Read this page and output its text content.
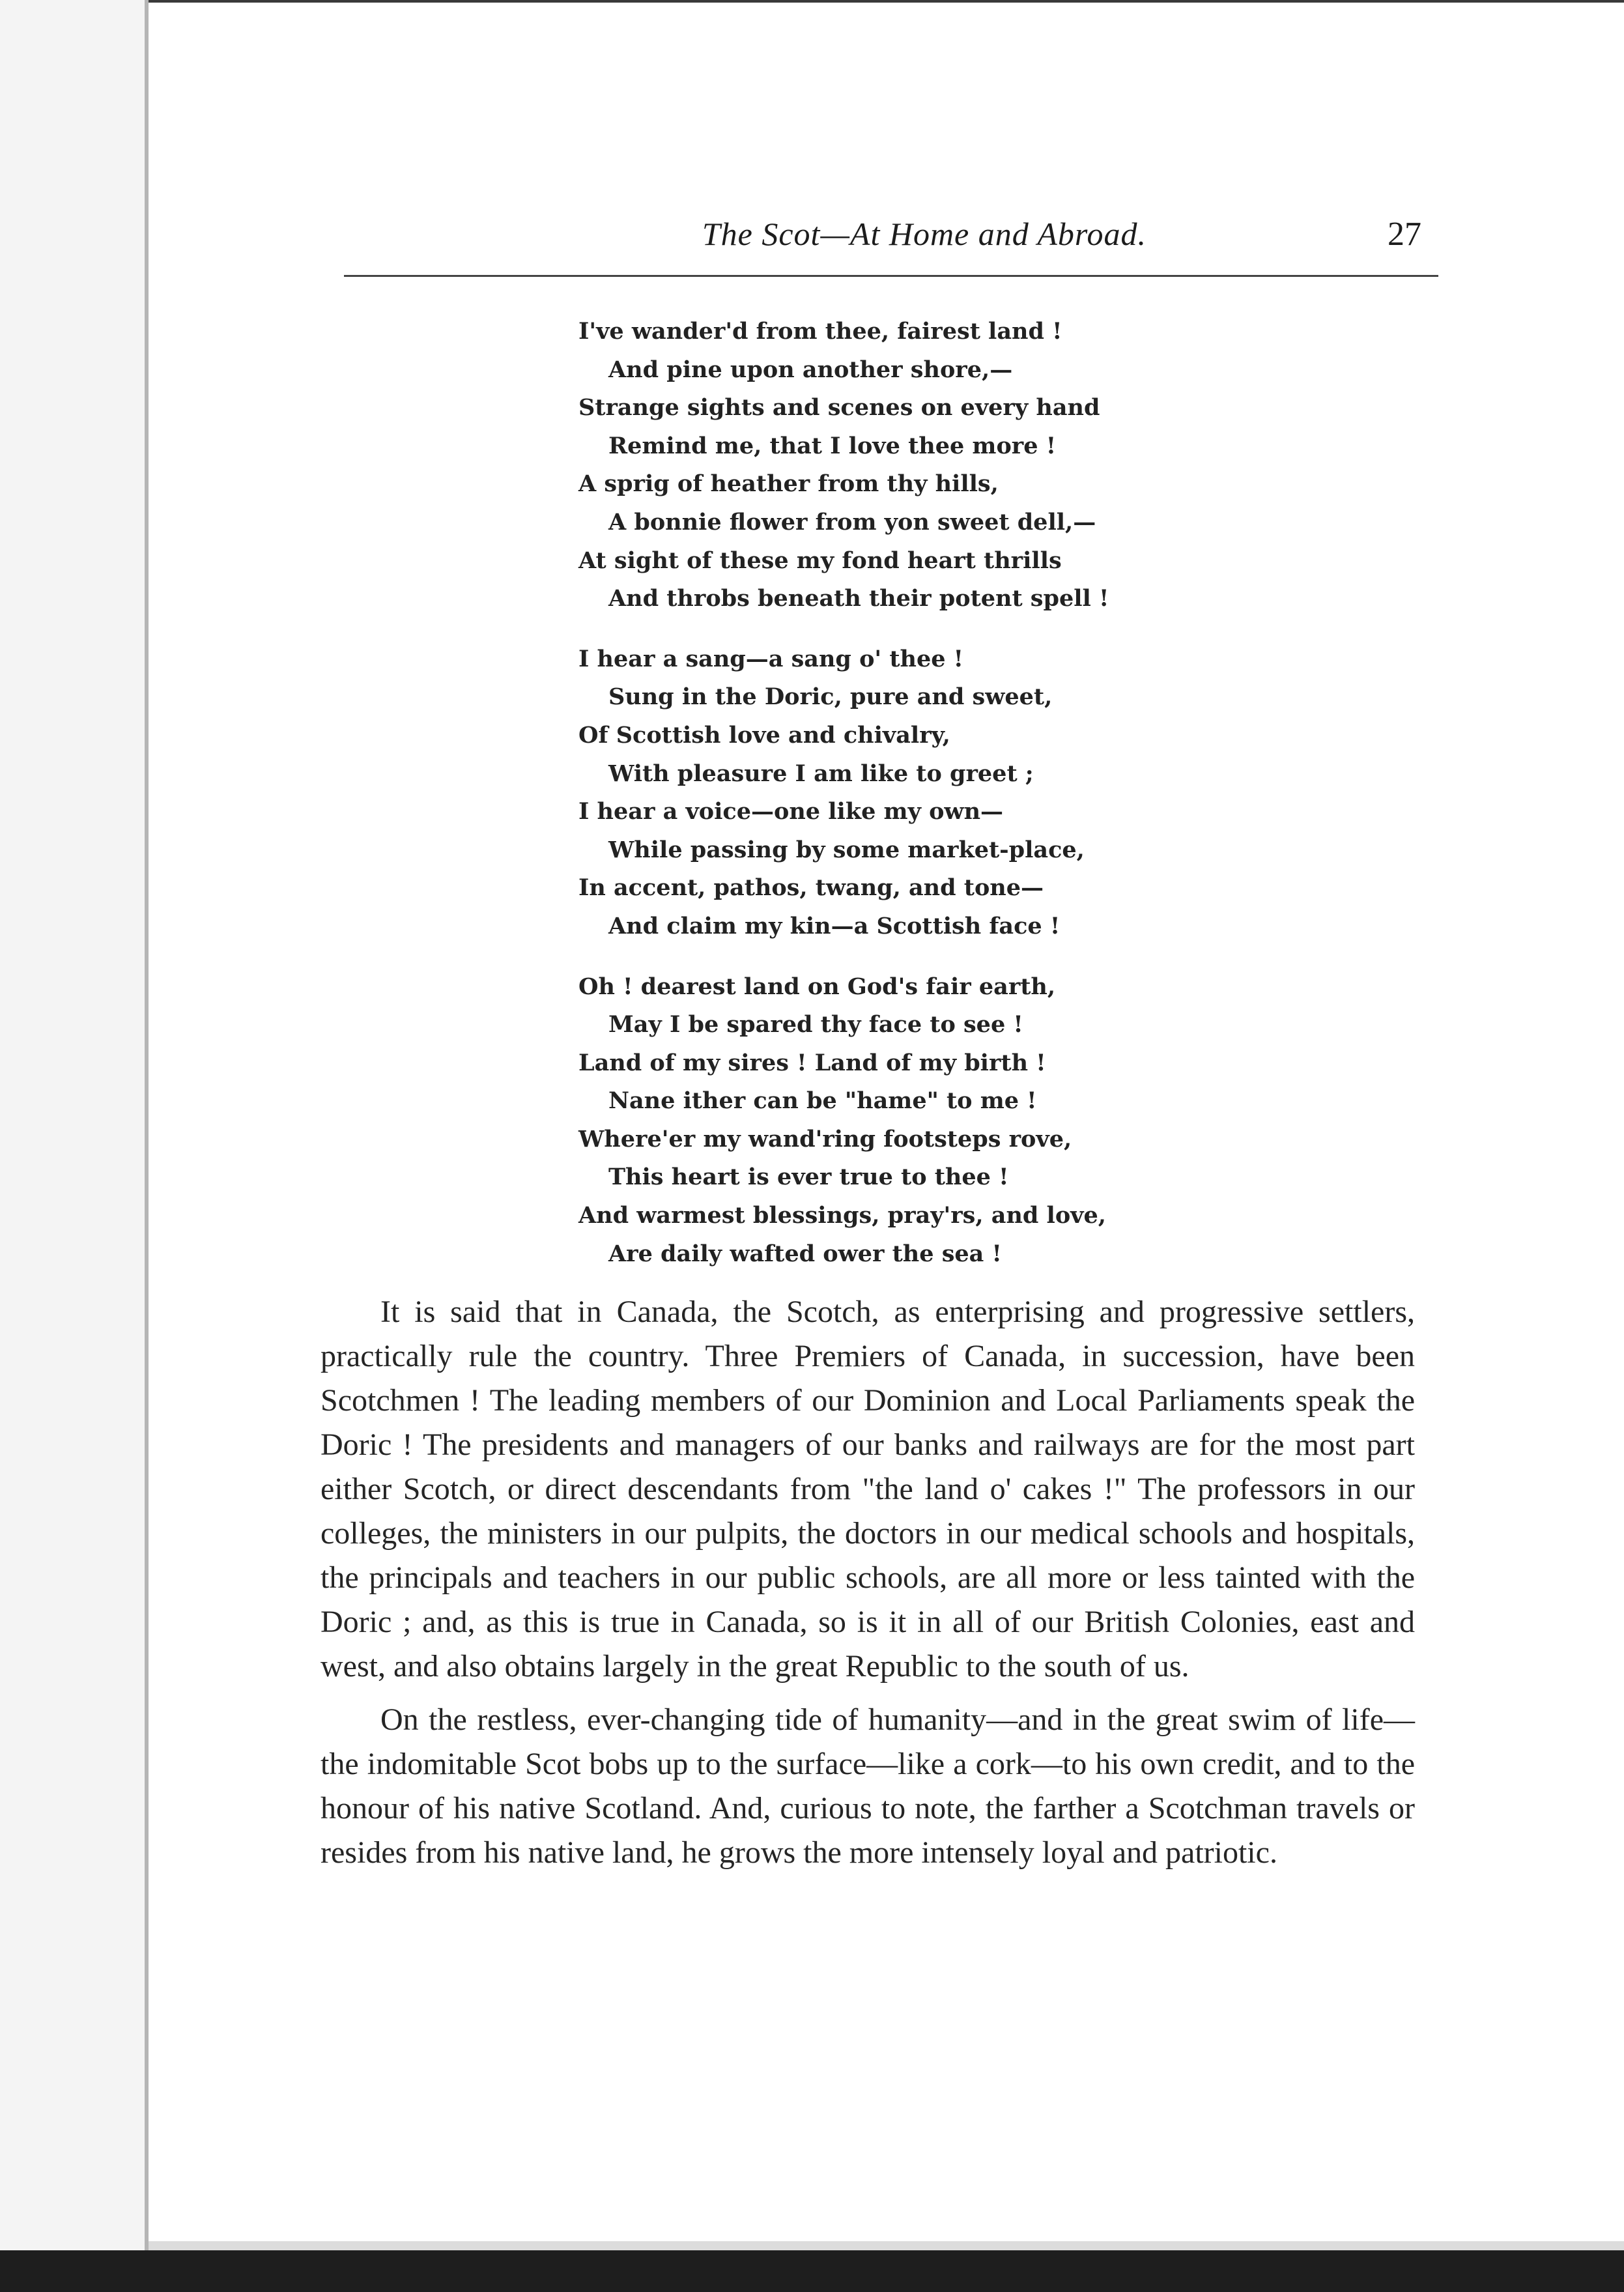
The Scot—At Home and Abroad.	27
I've wander'd from thee, fairest land !
And pine upon another shore,—
Strange sights and scenes on every hand
Remind me, that I love thee more !
A sprig of heather from thy hills,
A bonnie flower from yon sweet dell,—
At sight of these my fond heart thrills
And throbs beneath their potent spell !
I hear a sang—a sang o' thee !
Sung in the Doric, pure and sweet,
Of Scottish love and chivalry,
With pleasure I am like to greet ;
I hear a voice—one like my own—
While passing by some market-place,
In accent, pathos, twang, and tone—
And claim my kin—a Scottish face !
Oh ! dearest land on God's fair earth,
May I be spared thy face to see !
Land of my sires ! Land of my birth !
Nane ither can be "hame" to me !
Where'er my wand'ring footsteps rove,
This heart is ever true to thee !
And warmest blessings, pray'rs, and love,
Are daily wafted ower the sea !

It is said that in Canada, the Scotch, as enterprising and progressive settlers, practically rule the country. Three Premiers of Canada, in succession, have been Scotchmen ! The leading members of our Dominion and Local Parliaments speak the Doric ! The presidents and managers of our banks and railways are for the most part either Scotch, or direct descendants from "the land o' cakes !" The professors in our colleges, the ministers in our pulpits, the doctors in our medical schools and hospitals, the principals and teachers in our public schools, are all more or less tainted with the Doric ; and, as this is true in Canada, so is it in all of our British Colonies, east and west, and also obtains largely in the great Republic to the south of us.

On the restless, ever-changing tide of humanity—and in the great swim of life—the indomitable Scot bobs up to the surface—like a cork—to his own credit, and to the honour of his native Scotland. And, curious to note, the farther a Scotchman travels or resides from his native land, he grows the more intensely loyal and patriotic.
